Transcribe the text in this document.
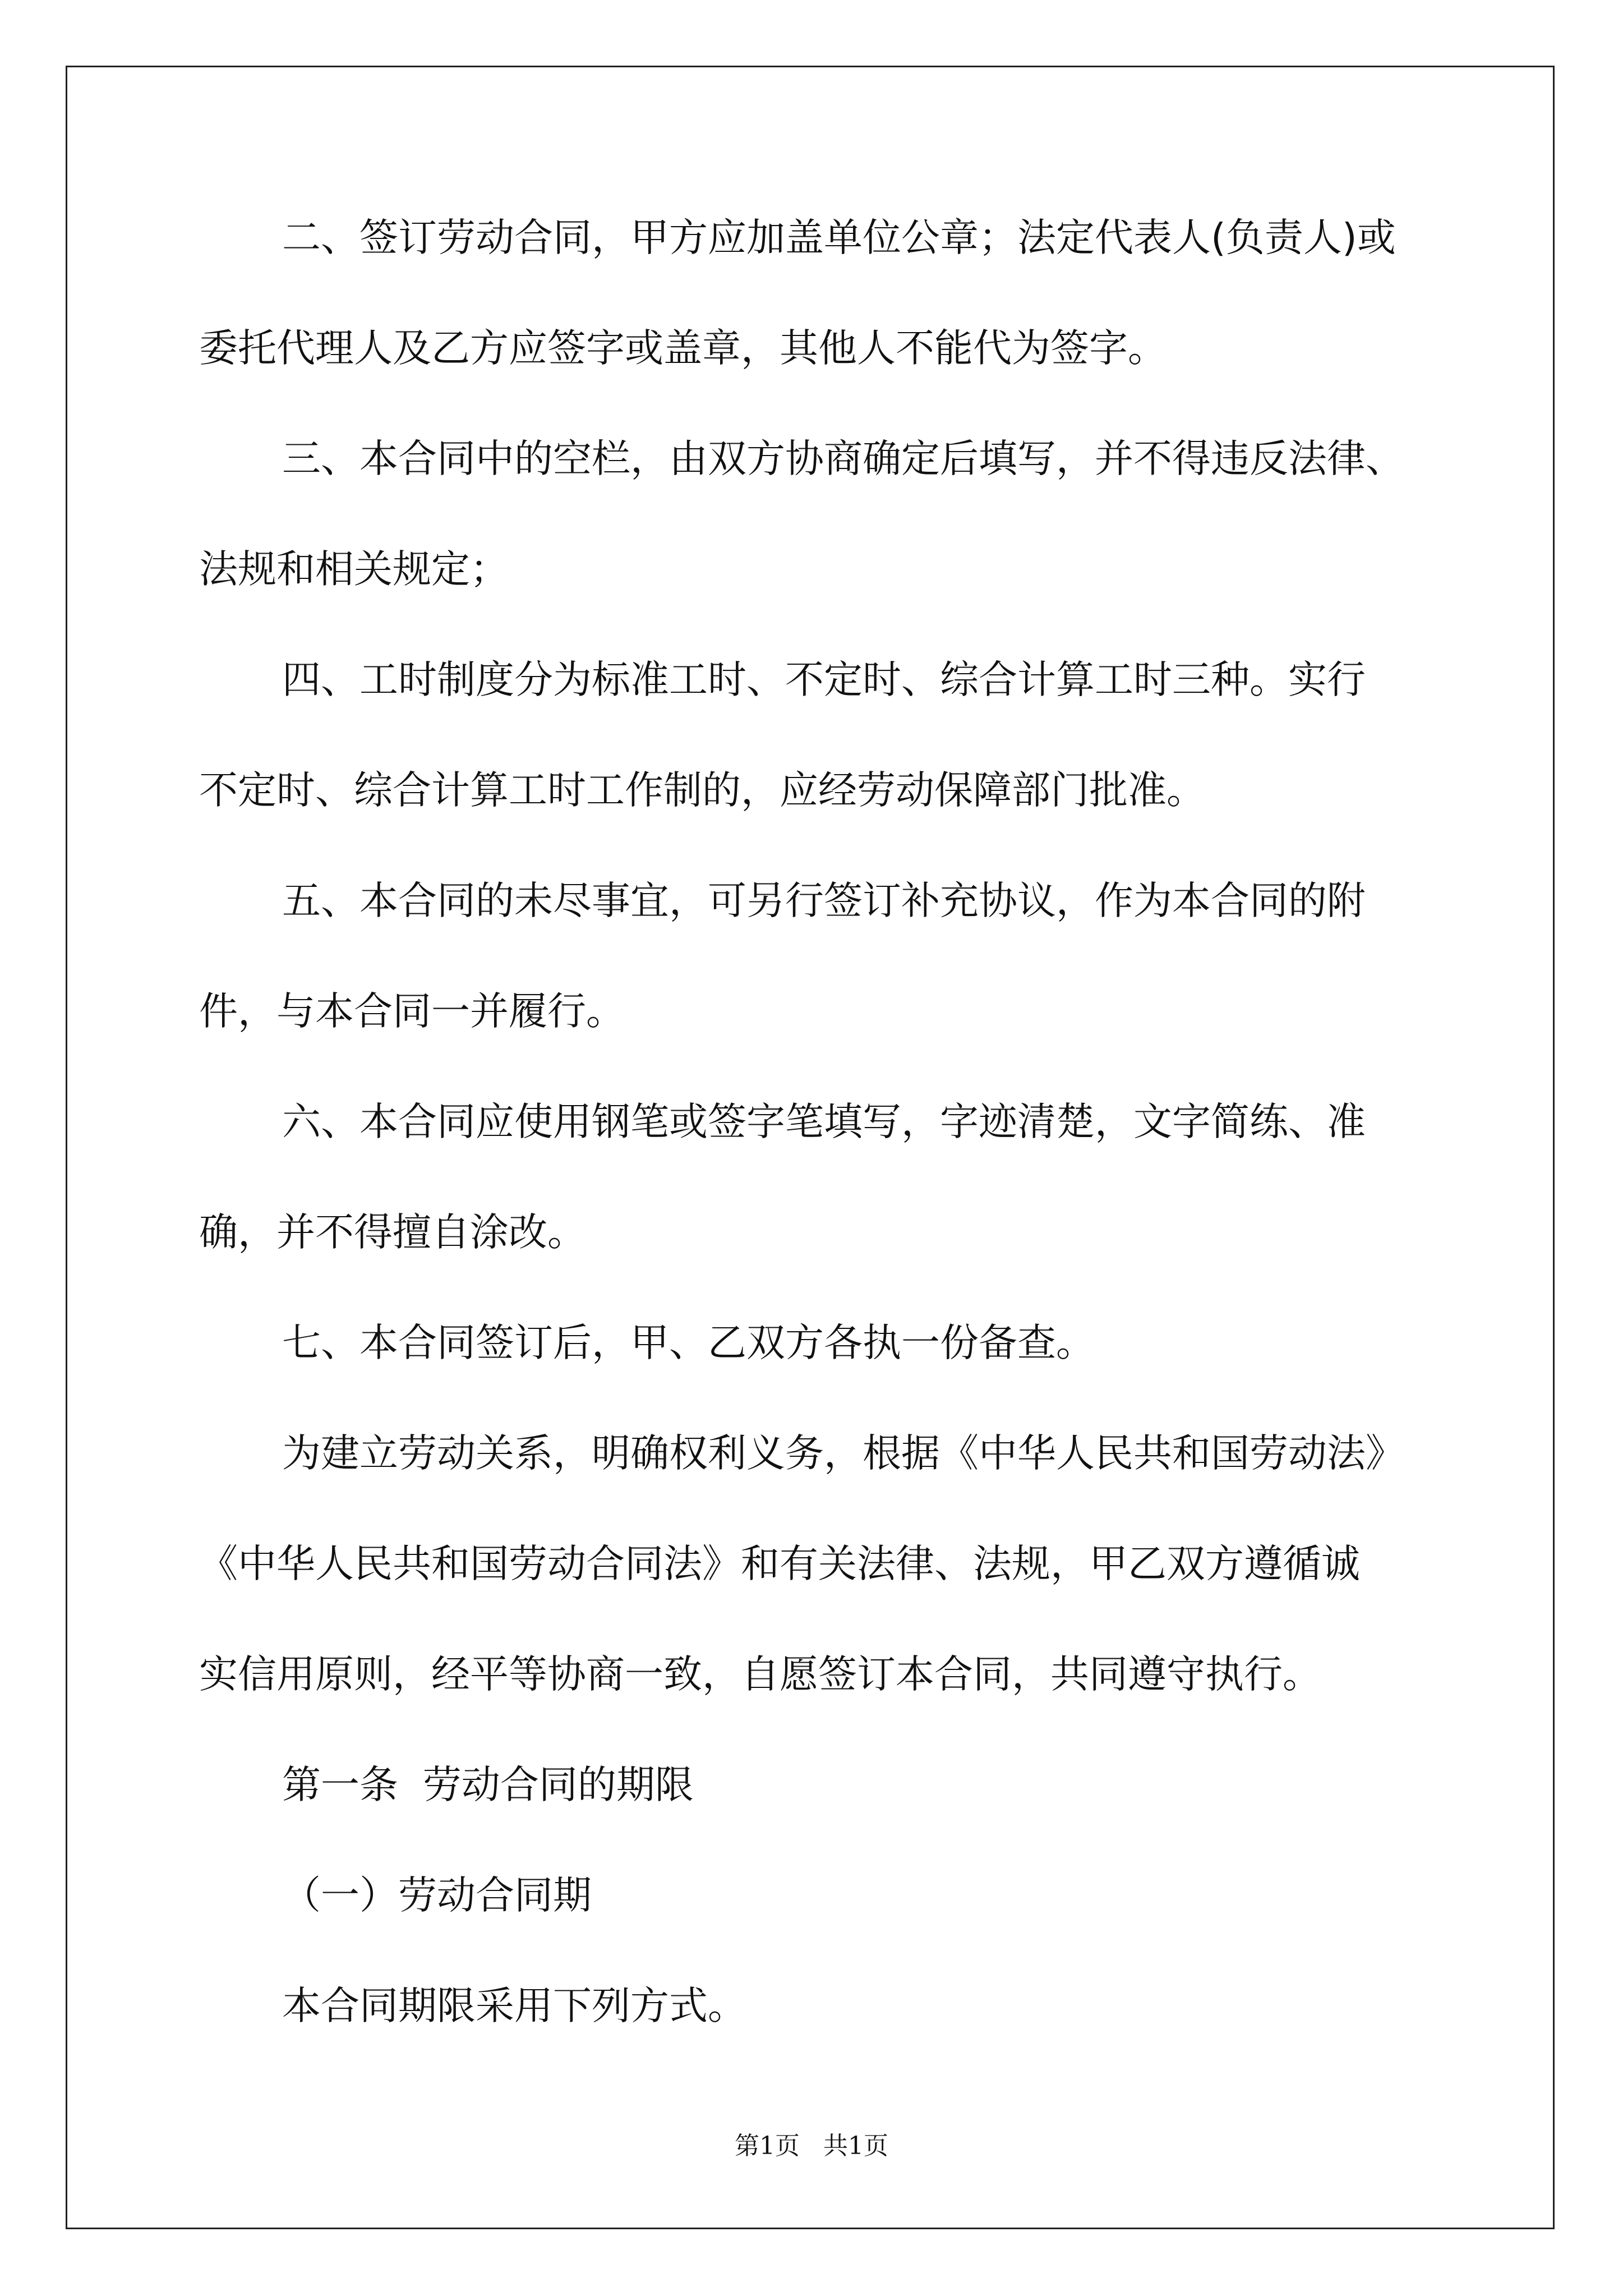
二、签订劳动合同，甲方应加盖单位公章；法定代表人(负责人)或
委托代理人及乙方应签字或盖章，其他人不能代为签字。
三、本合同中的空栏，由双方协商确定后填写，并不得违反法律、
法规和相关规定；
四、工时制度分为标准工时、不定时、综合计算工时三种。实行
不定时、综合计算工时工作制的，应经劳动保障部门批准。
五、本合同的未尽事宜，可另行签订补充协议，作为本合同的附
件，与本合同一并履行。
六、本合同应使用钢笔或签字笔填写，字迹清楚，文字简练、准
确，并不得擅自涂改。
七、本合同签订后，甲、乙双方各执一份备查。
为建立劳动关系，明确权利义务，根据《中华人民共和国劳动法》
《中华人民共和国劳动合同法》和有关法律、法规，甲乙双方遵循诚
实信用原则，经平等协商一致，自愿签订本合同，共同遵守执行。
第一条  劳动合同的期限
（一）劳动合同期
本合同期限采用下列方式。
第1页   共1页
